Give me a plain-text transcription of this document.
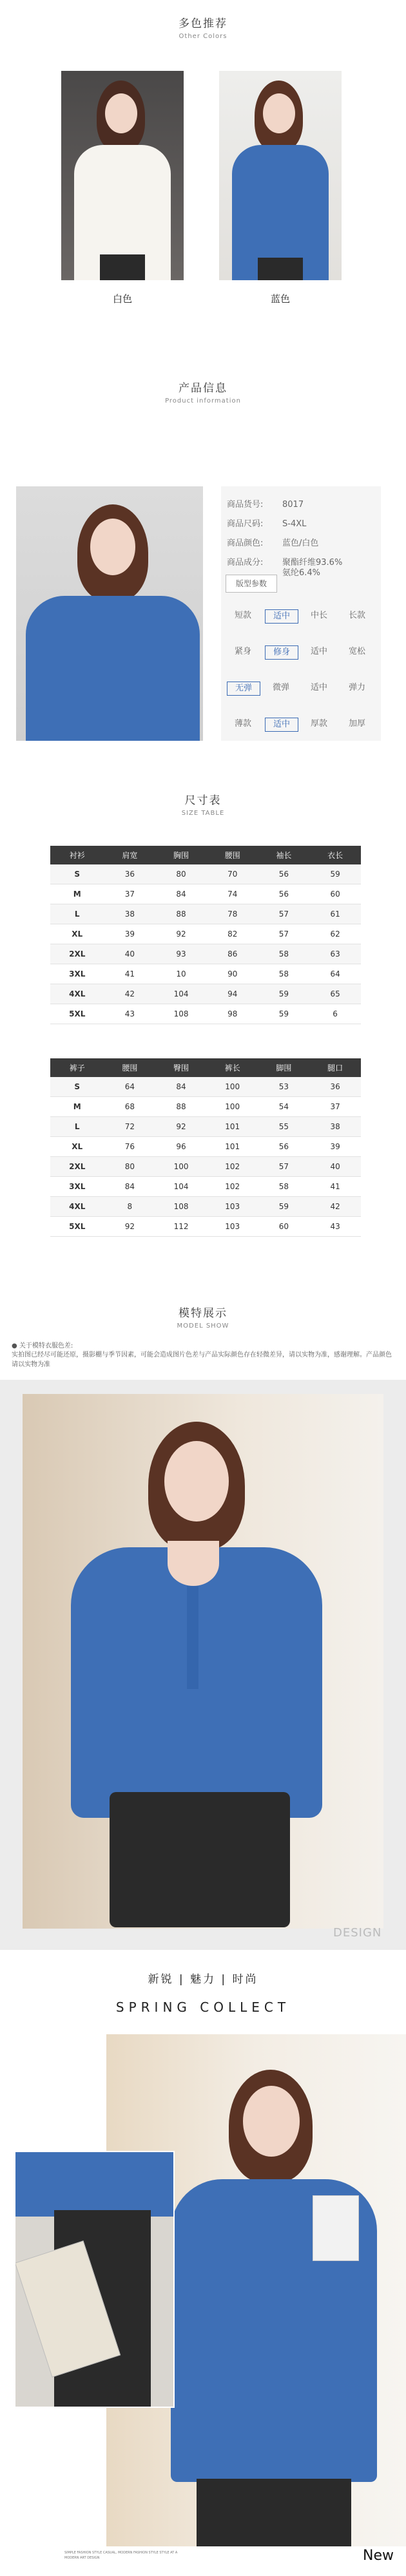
多色推荐
Other Colors
白色	蓝色
产品信息
Product information
商品货号: 8017
商品尺码: S-4XL
商品颜色: 蓝色/白色
商品成分: 聚酯纤维93.6%
氨纶6.4%
版型参数
短款	适中	中长	长款
紧身	修身	适中	宽松
无弹	微弹	适中	弹力
薄款	适中	厚款	加厚
尺寸表
SIZE TABLE
衬衫	肩宽	胸围	腰围	袖长	衣长
S	36	80	70	56	59
M	37	84	74	56	60
L	38	88	78	57	61
XL	39	92	82	57	62
2XL	40	93	86	58	63
3XL	41	10	90	58	64
4XL	42	104	94	59	65
5XL	43	108	98	59	6
裤子	腰围	臀围	裤长	脚围	腿口
S	64	84	100	53	36
M	68	88	100	54	37
L	72	92	101	55	38
XL	76	96	101	56	39
2XL	80	100	102	57	40
3XL	84	104	102	58	41
4XL	8	108	103	59	42
5XL	92	112	103	60	43
模特展示
MODEL SHOW
● 关于模特衣服色差:
实拍图已经尽可能还原，摄影棚与季节因素，可能会造成图片色差与产品实际颜色存在轻微差异，请以实物为准，感谢理解。产品颜色请以实物为准
DESIGN
新锐 | 魅力 | 时尚
SPRING COLLECT
SIMPLE FASHION STYLE CASUAL, MODERN FASHION STYLE STYLE AT A
MODERN ART DESIGN	New
